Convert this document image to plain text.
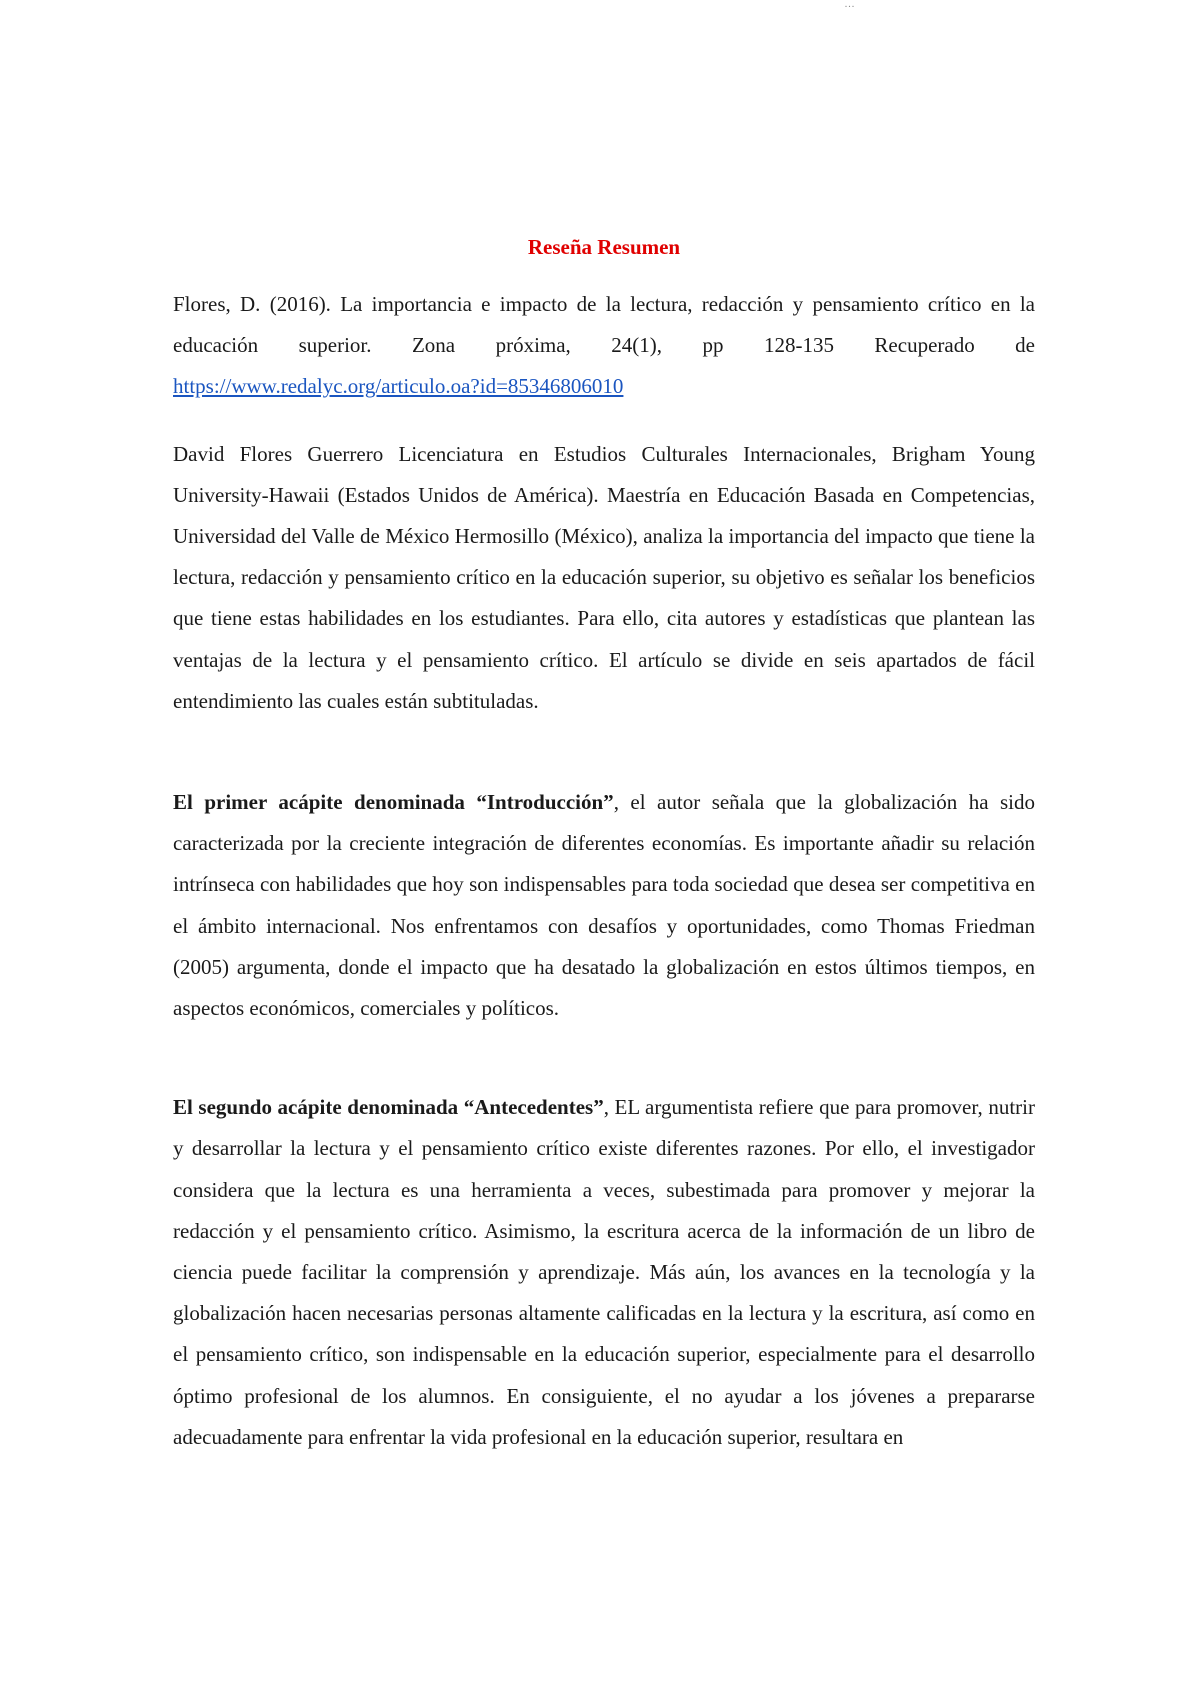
...
Reseña Resumen

Flores, D. (2016). La importancia e impacto de la lectura, redacción y pensamiento crítico en la educación superior. Zona próxima, 24(1), pp 128-135 Recuperado de https://www.redalyc.org/articulo.oa?id=85346806010

David Flores Guerrero Licenciatura en Estudios Culturales Internacionales, Brigham Young University-Hawaii (Estados Unidos de América). Maestría en Educación Basada en Competencias, Universidad del Valle de México Hermosillo (México), analiza la importancia del impacto que tiene la lectura, redacción y pensamiento crítico en la educación superior, su objetivo es señalar los beneficios que tiene estas habilidades en los estudiantes. Para ello, cita autores y estadísticas que plantean las ventajas de la lectura y el pensamiento crítico. El artículo se divide en seis apartados de fácil entendimiento las cuales están subtituladas.

El primer acápite denominada “Introducción”, el autor señala que la globalización ha sido caracterizada por la creciente integración de diferentes economías. Es importante añadir su relación intrínseca con habilidades que hoy son indispensables para toda sociedad que desea ser competitiva en el ámbito internacional. Nos enfrentamos con desafíos y oportunidades, como Thomas Friedman (2005) argumenta, donde el impacto que ha desatado la globalización en estos últimos tiempos, en aspectos económicos, comerciales y políticos.

El segundo acápite denominada “Antecedentes”, EL argumentista refiere que para promover, nutrir y desarrollar la lectura y el pensamiento crítico existe diferentes razones. Por ello, el investigador considera que la lectura es una herramienta a veces, subestimada para promover y mejorar la redacción y el pensamiento crítico. Asimismo, la escritura acerca de la información de un libro de ciencia puede facilitar la comprensión y aprendizaje. Más aún, los avances en la tecnología y la globalización hacen necesarias personas altamente calificadas en la lectura y la escritura, así como en el pensamiento crítico, son indispensable en la educación superior, especialmente para el desarrollo óptimo profesional de los alumnos. En consiguiente, el no ayudar a los jóvenes a prepararse adecuadamente para enfrentar la vida profesional en la educación superior, resultara en
